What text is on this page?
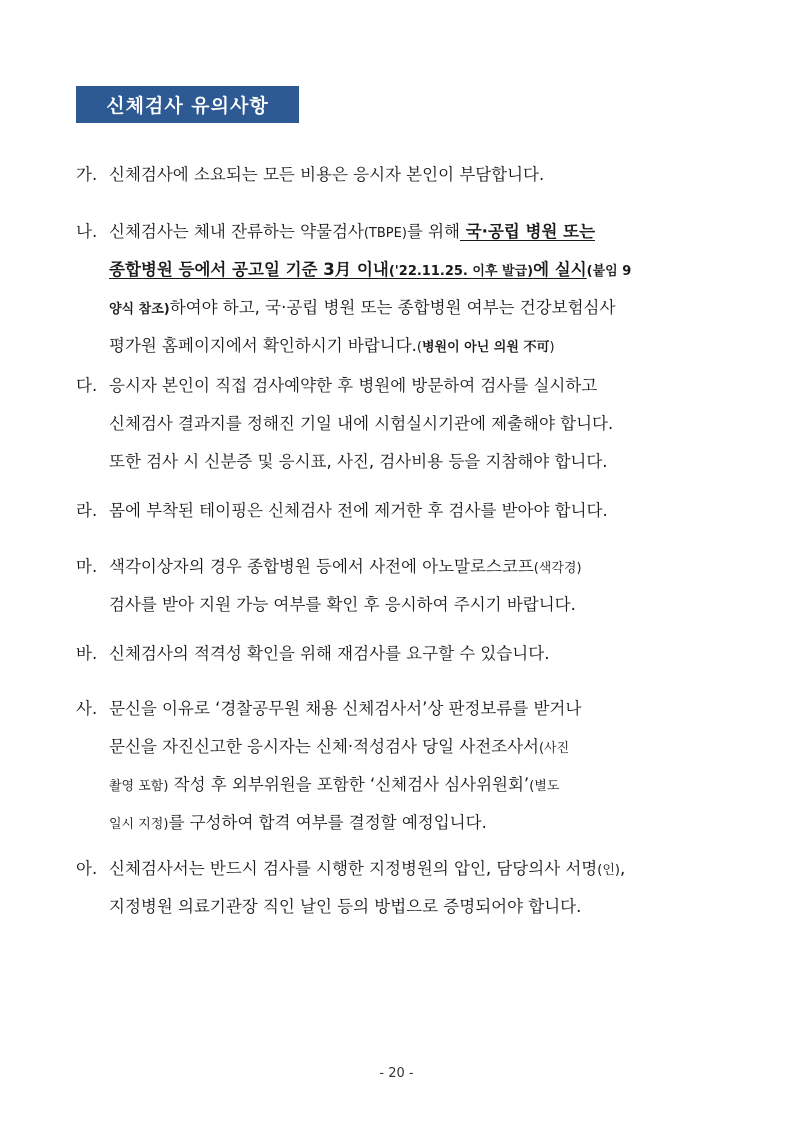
신체검사 유의사항
가. 신체검사에 소요되는 모든 비용은 응시자 본인이 부담합니다.
나. 신체검사는 체내 잔류하는 약물검사(TBPE)를 위해 국·공립 병원 또는
종합병원 등에서 공고일 기준 3月 이내('22.11.25. 이후 발급)에 실시(붙임 9
양식 참조)하여야 하고, 국·공립 병원 또는 종합병원 여부는 건강보험심사
평가원 홈페이지에서 확인하시기 바랍니다.(병원이 아닌 의원 不可)
다. 응시자 본인이 직접 검사예약한 후 병원에 방문하여 검사를 실시하고
신체검사 결과지를 정해진 기일 내에 시험실시기관에 제출해야 합니다.
또한 검사 시 신분증 및 응시표, 사진, 검사비용 등을 지참해야 합니다.
라. 몸에 부착된 테이핑은 신체검사 전에 제거한 후 검사를 받아야 합니다.
마. 색각이상자의 경우 종합병원 등에서 사전에 아노말로스코프(색각경)
검사를 받아 지원 가능 여부를 확인 후 응시하여 주시기 바랍니다.
바. 신체검사의 적격성 확인을 위해 재검사를 요구할 수 있습니다.
사. 문신을 이유로 ‘경찰공무원 채용 신체검사서’상 판정보류를 받거나
문신을 자진신고한 응시자는 신체·적성검사 당일 사전조사서(사진
촬영 포함) 작성 후 외부위원을 포함한 ‘신체검사 심사위원회’(별도
일시 지정)를 구성하여 합격 여부를 결정할 예정입니다.
아. 신체검사서는 반드시 검사를 시행한 지정병원의 압인, 담당의사 서명(인),
지정병원 의료기관장 직인 날인 등의 방법으로 증명되어야 합니다.
- 20 -
